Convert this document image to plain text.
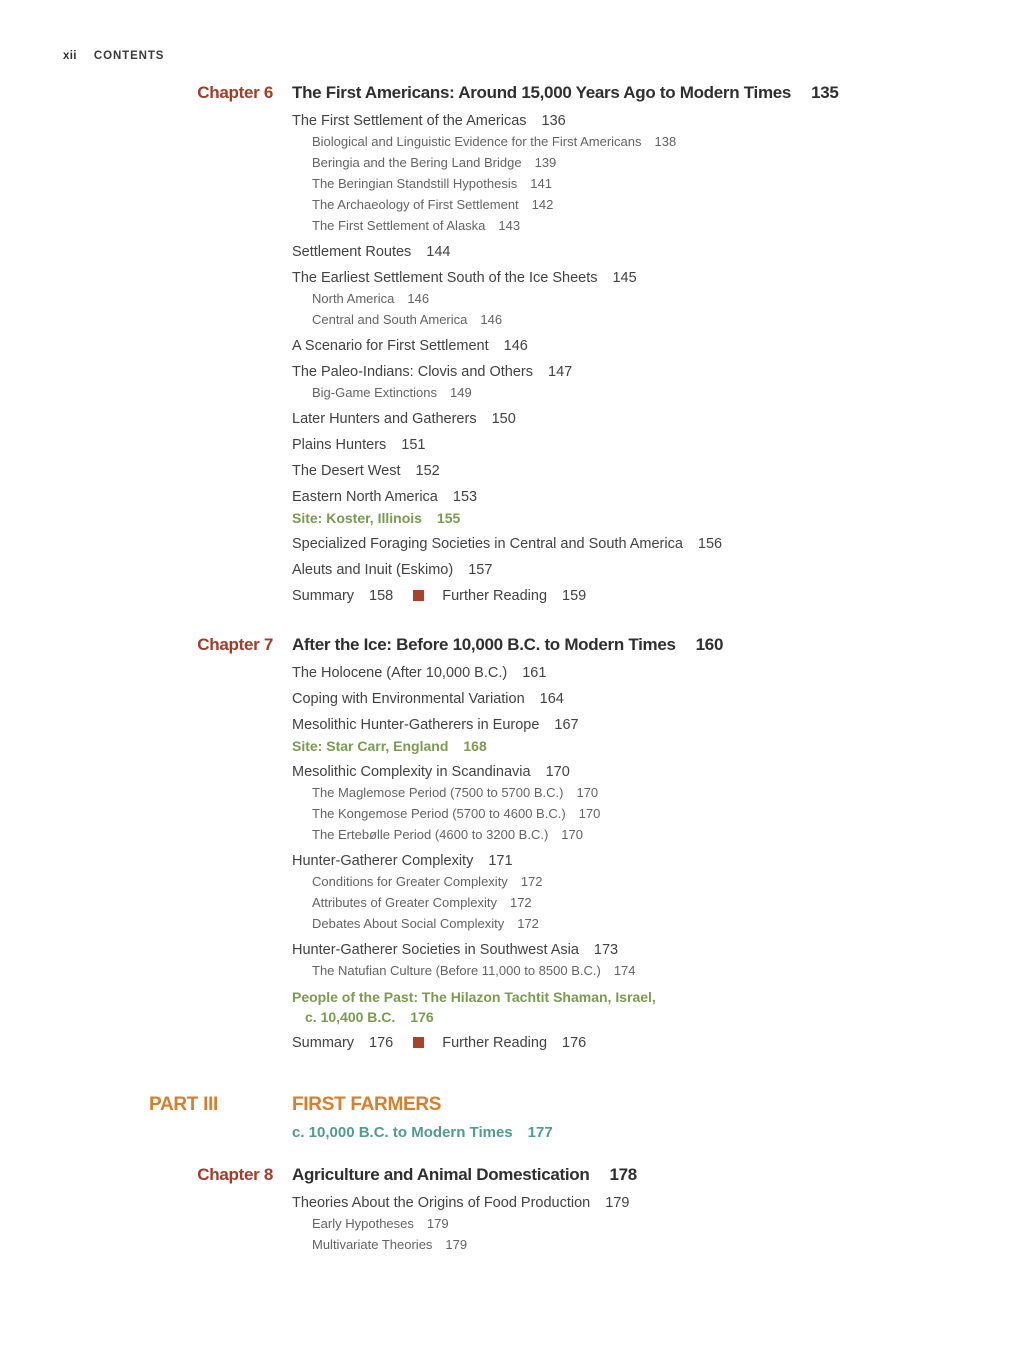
xii CONTENTS
Chapter 6	The First Americans: Around 15,000 Years Ago to Modern Times 135
The First Settlement of the Americas 136
Biological and Linguistic Evidence for the First Americans 138
Beringia and the Bering Land Bridge 139
The Beringian Standstill Hypothesis 141
The Archaeology of First Settlement 142
The First Settlement of Alaska 143
Settlement Routes 144
The Earliest Settlement South of the Ice Sheets 145
North America 146
Central and South America 146
A Scenario for First Settlement 146
The Paleo-Indians: Clovis and Others 147
Big-Game Extinctions 149
Later Hunters and Gatherers 150
Plains Hunters 151
The Desert West 152
Eastern North America 153
Site: Koster, Illinois 155
Specialized Foraging Societies in Central and South America 156
Aleuts and Inuit (Eskimo) 157
Summary 158	Further Reading 159
Chapter 7	After the Ice: Before 10,000 B.C. to Modern Times 160
The Holocene (After 10,000 B.C.) 161
Coping with Environmental Variation 164
Mesolithic Hunter-Gatherers in Europe 167
Site: Star Carr, England 168
Mesolithic Complexity in Scandinavia 170
The Maglemose Period (7500 to 5700 B.C.) 170
The Kongemose Period (5700 to 4600 B.C.) 170
The Ertebølle Period (4600 to 3200 B.C.) 170
Hunter-Gatherer Complexity 171
Conditions for Greater Complexity 172
Attributes of Greater Complexity 172
Debates About Social Complexity 172
Hunter-Gatherer Societies in Southwest Asia 173
The Natufian Culture (Before 11,000 to 8500 B.C.) 174
People of the Past: The Hilazon Tachtit Shaman, Israel,
c. 10,400 B.C. 176
Summary 176	Further Reading 176
PART III	FIRST FARMERS
c. 10,000 B.C. to Modern Times 177
Chapter 8	Agriculture and Animal Domestication 178
Theories About the Origins of Food Production 179
Early Hypotheses 179
Multivariate Theories 179
